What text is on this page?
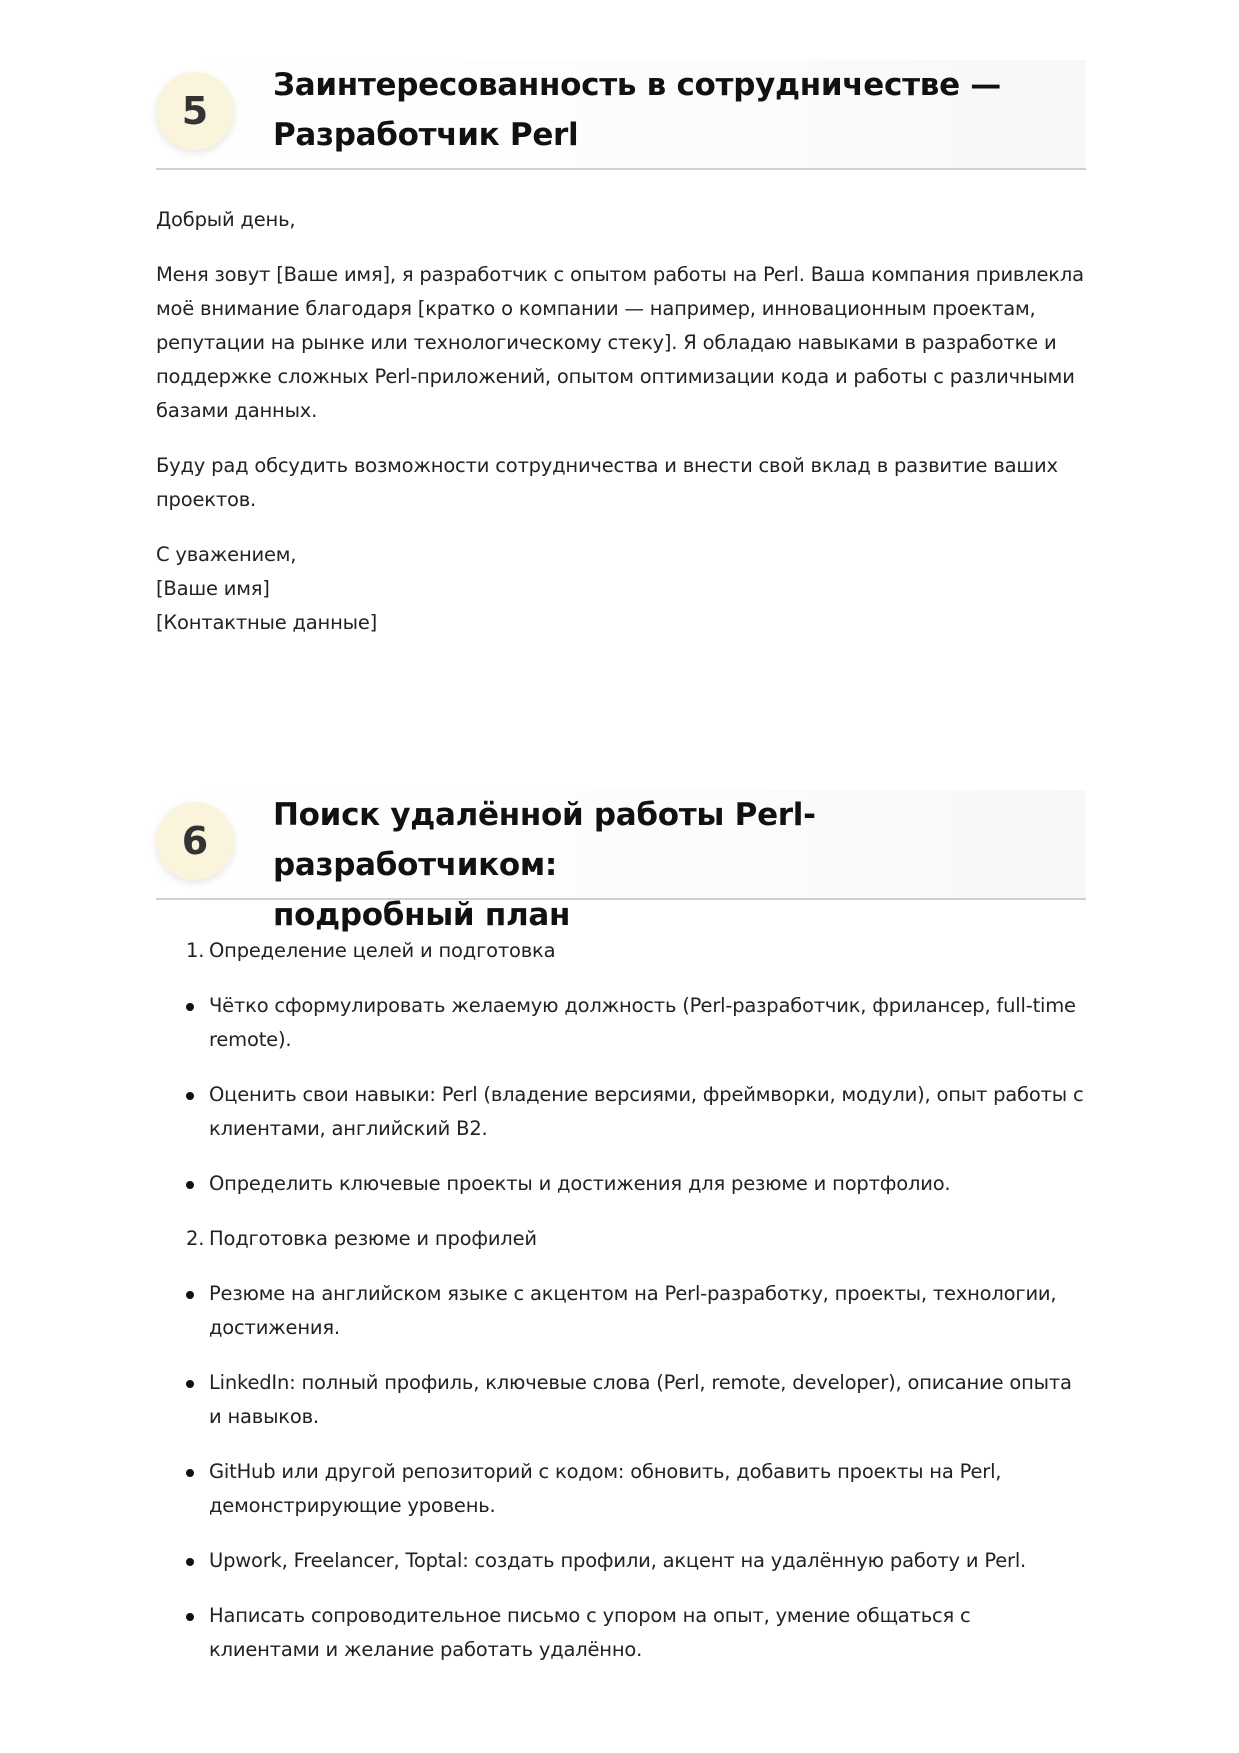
5
Заинтересованность в сотрудничестве —
Разработчик Perl

Добрый день,

Меня зовут [Ваше имя], я разработчик с опытом работы на Perl. Ваша компания привлекла моё внимание благодаря [кратко о компании — например, инновационным проектам, репутации на рынке или технологическому стеку]. Я обладаю навыками в разработке и поддержке сложных Perl-приложений, опытом оптимизации кода и работы с различными базами данных.

Буду рад обсудить возможности сотрудничества и внести свой вклад в развитие ваших проектов.

С уважением,
[Ваше имя]
[Контактные данные]

6
Поиск удалённой работы Perl-разработчиком:
подробный план
1. Определение целей и подготовка
Чётко сформулировать желаемую должность (Perl-разработчик, фрилансер, full-time remote).
Оценить свои навыки: Perl (владение версиями, фреймворки, модули), опыт работы с клиентами, английский B2.
Определить ключевые проекты и достижения для резюме и портфолио.
2. Подготовка резюме и профилей
Резюме на английском языке с акцентом на Perl-разработку, проекты, технологии, достижения.
LinkedIn: полный профиль, ключевые слова (Perl, remote, developer), описание опыта и навыков.
GitHub или другой репозиторий с кодом: обновить, добавить проекты на Perl, демонстрирующие уровень.
Upwork, Freelancer, Toptal: создать профили, акцент на удалённую работу и Perl.
Написать сопроводительное письмо с упором на опыт, умение общаться с клиентами и желание работать удалённо.
